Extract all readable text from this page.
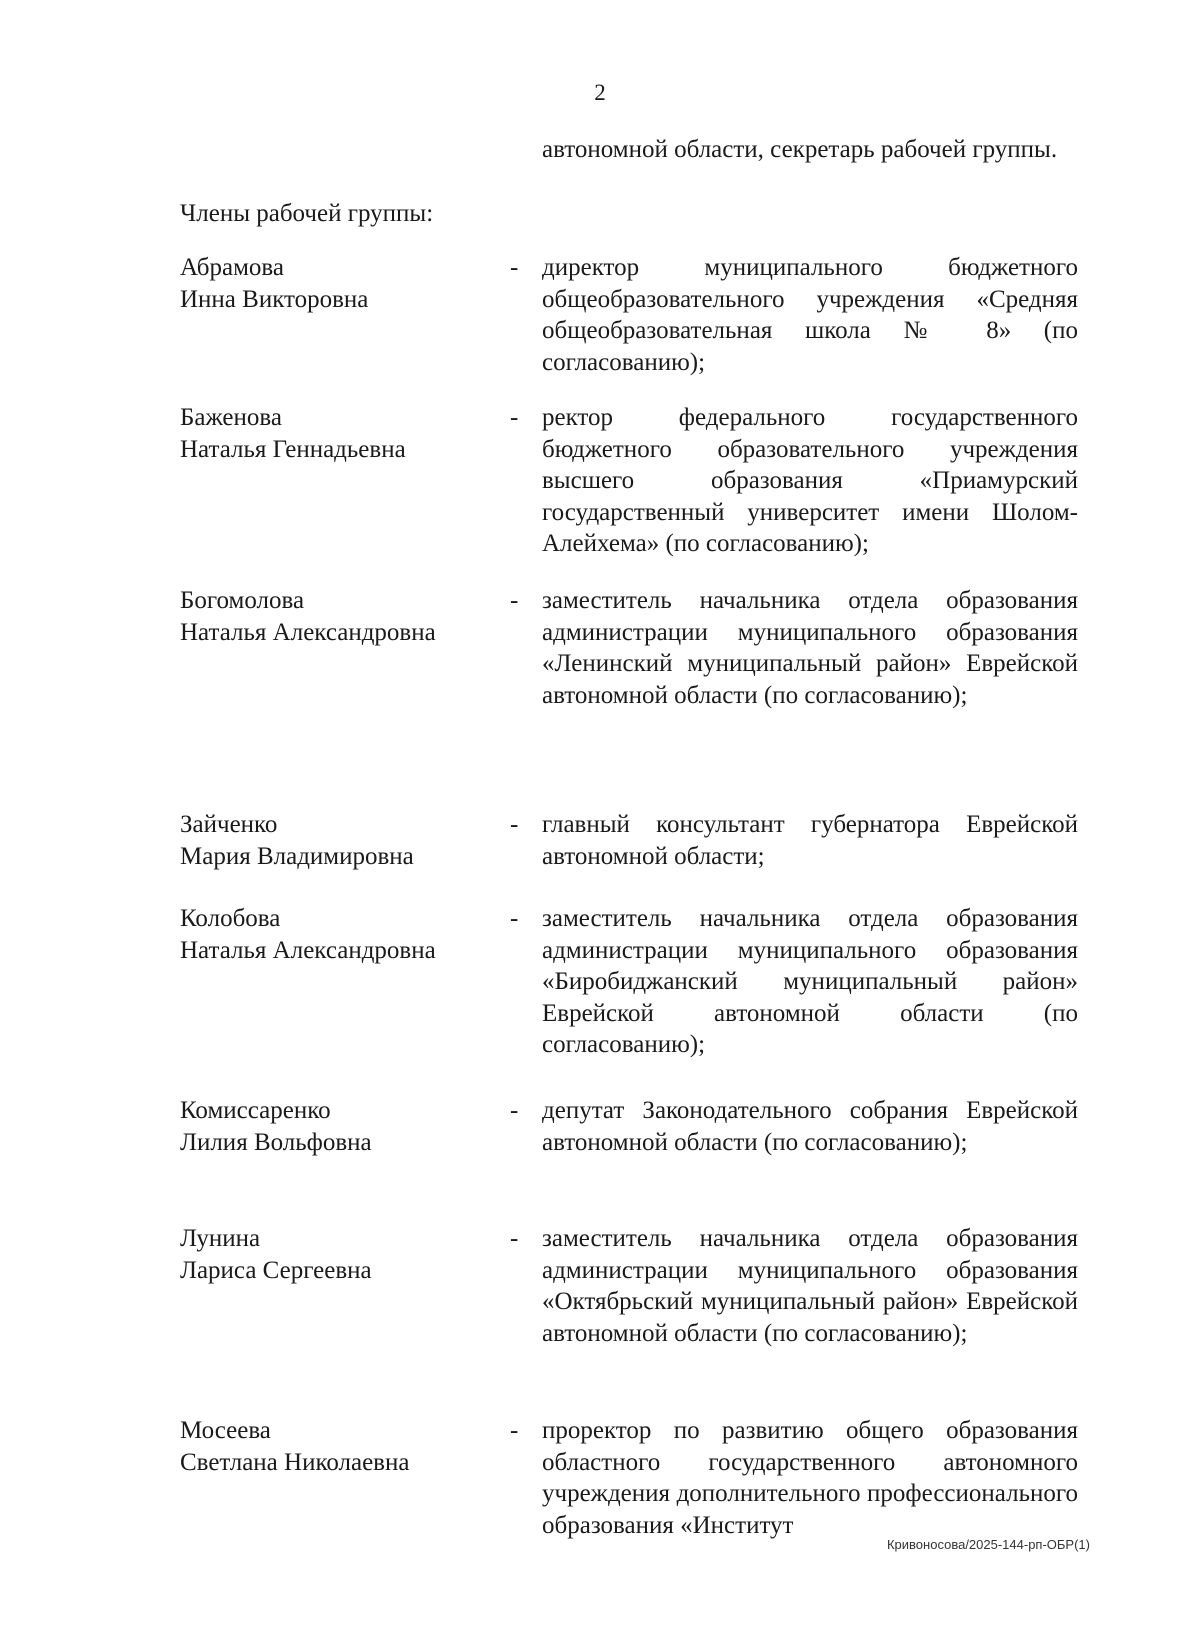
2
автономной области, секретарь рабочей группы.
Члены рабочей группы:
Абрамова
Инна Викторовна
- директор муниципального бюджетного общеобразовательного учреждения «Средняя общеобразовательная школа № 8» (по согласованию);
Баженова
Наталья Геннадьевна
- ректор федерального государственного бюджетного образовательного учреждения высшего образования «Приамурский государственный университет имени Шолом-Алейхема» (по согласованию);
Богомолова
Наталья Александровна
- заместитель начальника отдела образования администрации муниципального образования «Ленинский муниципальный район» Еврейской автономной области (по согласованию);
Зайченко
Мария Владимировна
- главный консультант губернатора Еврейской автономной области;
Колобова
Наталья Александровна
- заместитель начальника отдела образования администрации муниципального образования «Биробиджанский муниципальный район» Еврейской автономной области (по согласованию);
Комиссаренко
Лилия Вольфовна
- депутат Законодательного собрания Еврейской автономной области (по согласованию);
Лунина
Лариса Сергеевна
- заместитель начальника отдела образования администрации муниципального образования «Октябрьский муниципальный район» Еврейской автономной области (по согласованию);
Мосеева
Светлана Николаевна
- проректор по развитию общего образования областного государственного автономного учреждения дополнительного профессионального образования «Институт
Кривоносова/2025-144-рп-ОБР(1)
